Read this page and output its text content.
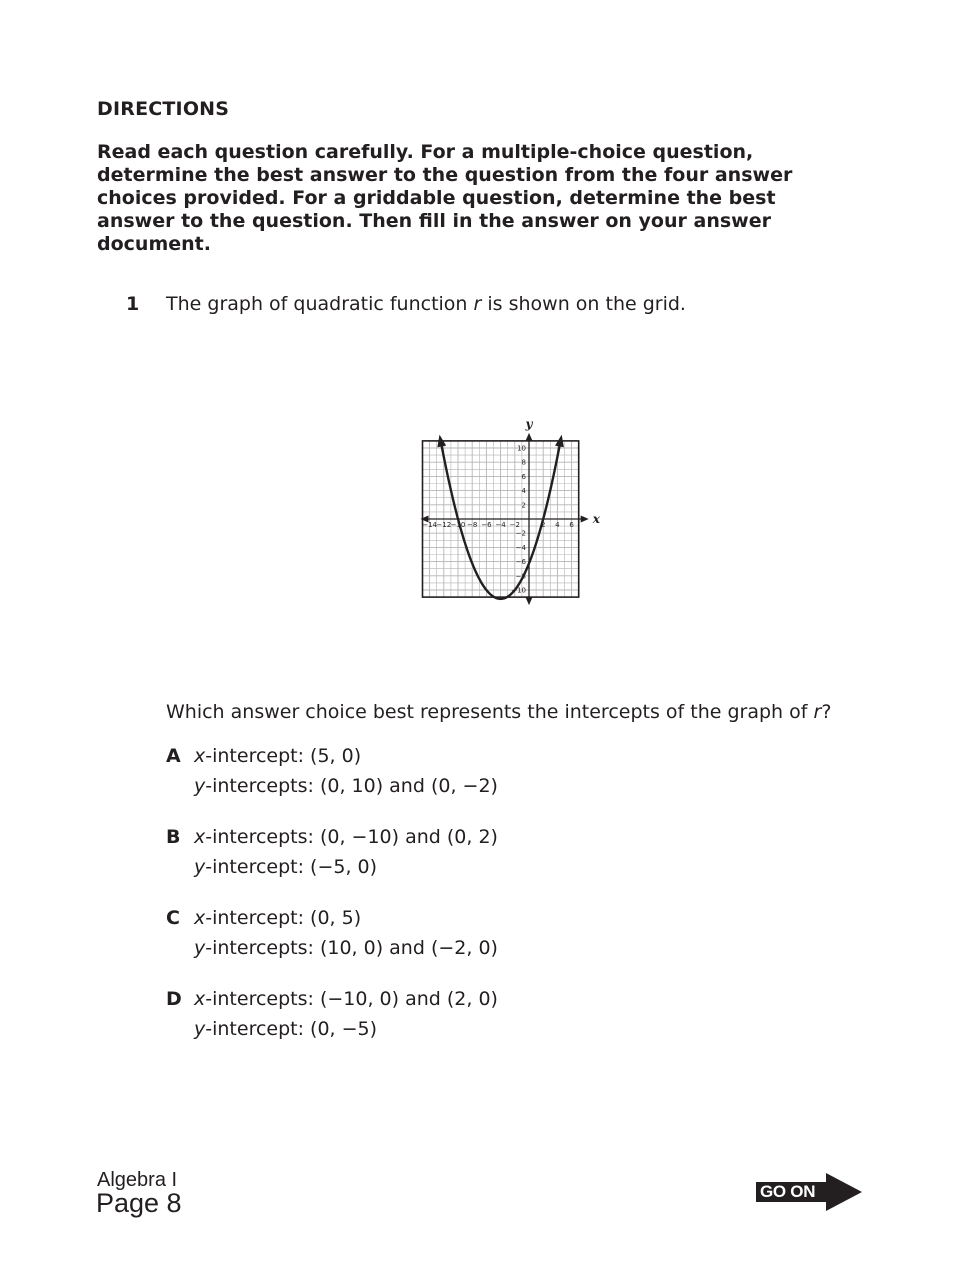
DIRECTIONS
Read each question carefully. For a multiple-choice question, determine the best answer to the question from the four answer choices provided. For a griddable question, determine the best answer to the question. Then fill in the answer on your answer document.
1 The graph of quadratic function r is shown on the grid.
−14 −12 −10 −8 −6 −4 −2	2 4 6
10
8
6
4
2
−2
−4
−6
−8
−10
x
y
Which answer choice best represents the intercepts of the graph of r?
A x-intercept: (5, 0)
y-intercepts: (0, 10) and (0, −2)
B x-intercepts: (0, −10) and (0, 2)
y-intercept: (−5, 0)
C x-intercept: (0, 5)
y-intercepts: (10, 0) and (−2, 0)
D x-intercepts: (−10, 0) and (2, 0)
y-intercept: (0, −5)
Algebra I
Page 8	GO ON
